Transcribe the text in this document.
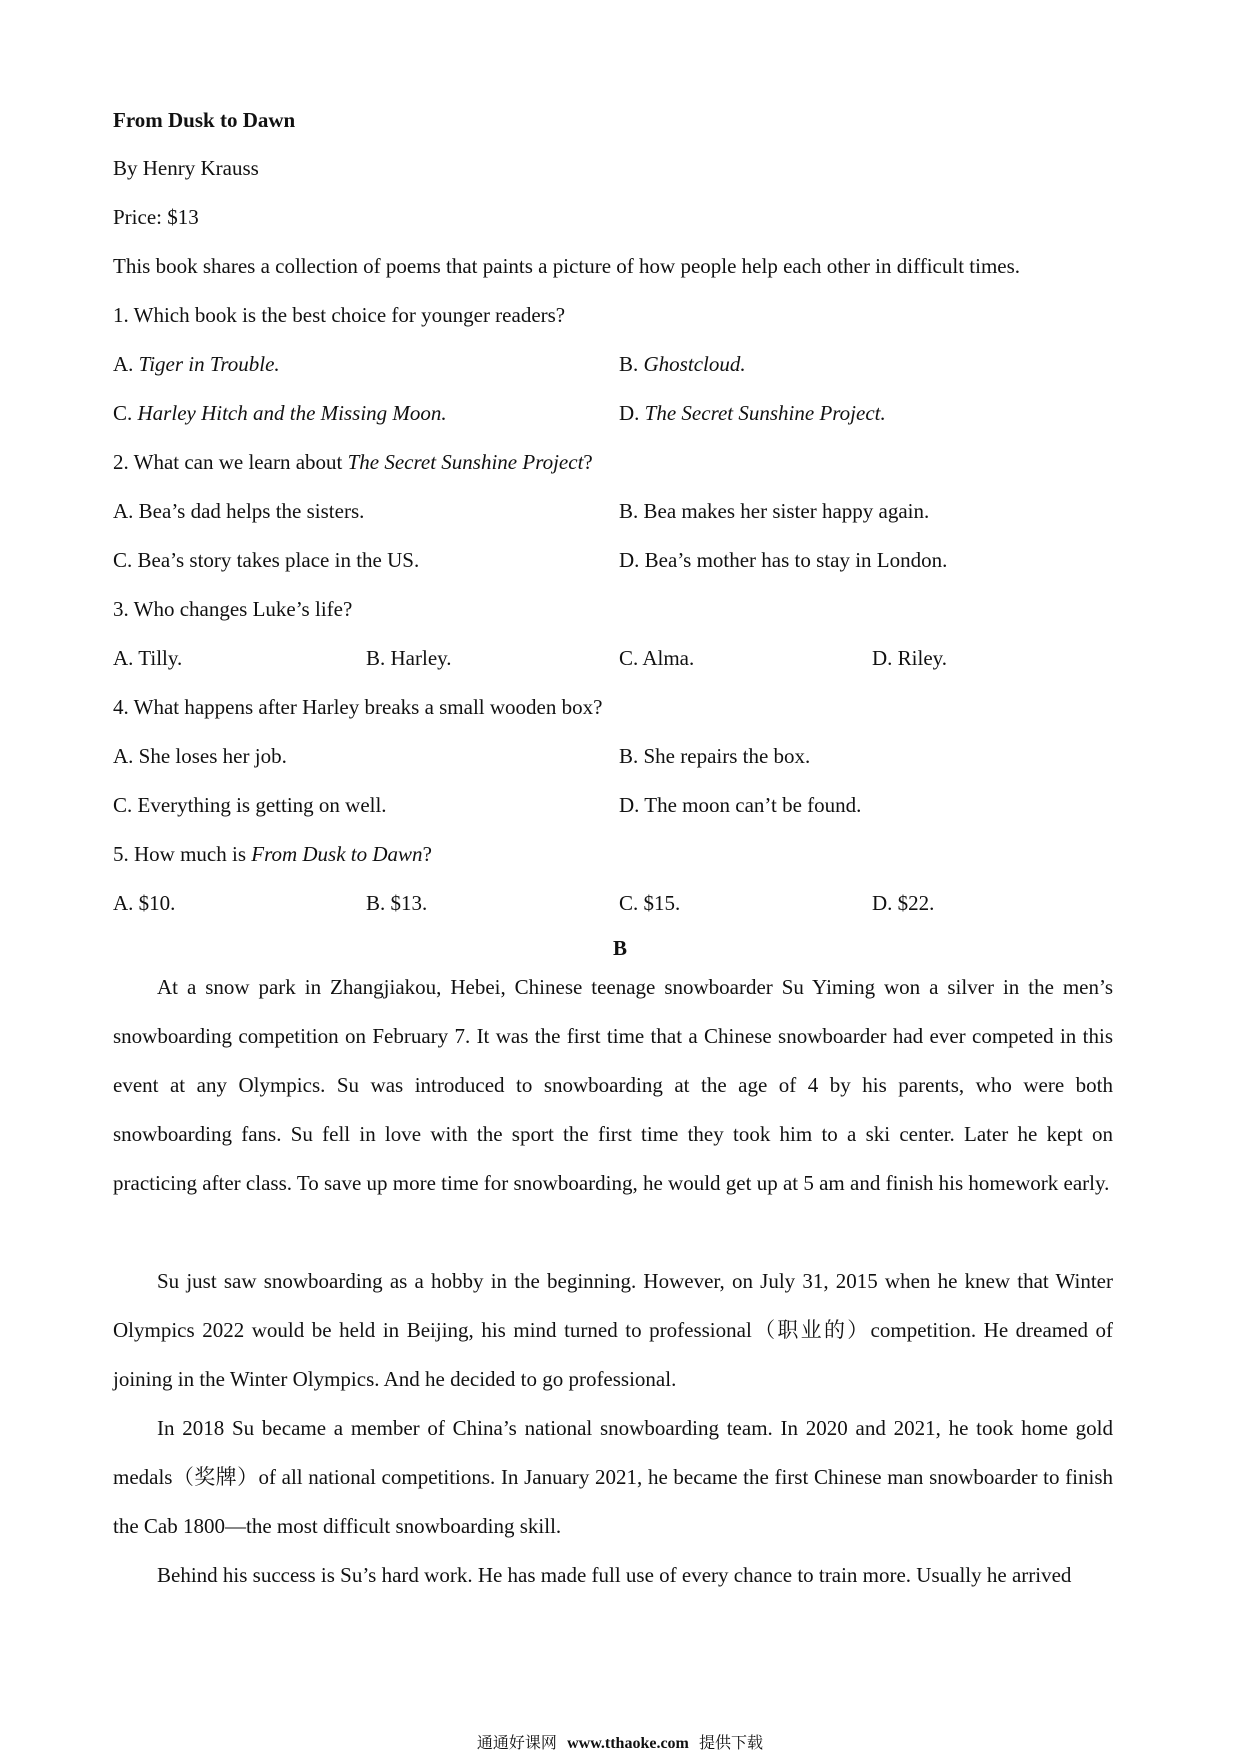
From Dusk to Dawn
By Henry Krauss
Price: $13
This book shares a collection of poems that paints a picture of how people help each other in difficult times.
1. Which book is the best choice for younger readers?
A. Tiger in Trouble.	B. Ghostcloud.
C. Harley Hitch and the Missing Moon.	D. The Secret Sunshine Project.
2. What can we learn about The Secret Sunshine Project?
A. Bea’s dad helps the sisters.	B. Bea makes her sister happy again.
C. Bea’s story takes place in the US.	D. Bea’s mother has to stay in London.
3. Who changes Luke’s life?
A. Tilly.	B. Harley.	C. Alma.	D. Riley.
4. What happens after Harley breaks a small wooden box?
A. She loses her job.	B. She repairs the box.
C. Everything is getting on well.	D. The moon can’t be found.
5. How much is From Dusk to Dawn?
A. $10.	B. $13.	C. $15.	D. $22.
B
At a snow park in Zhangjiakou, Hebei, Chinese teenage snowboarder Su Yiming won a silver in the men’s snowboarding competition on February 7. It was the first time that a Chinese snowboarder had ever competed in this event at any Olympics. Su was introduced to snowboarding at the age of 4 by his parents, who were both snowboarding fans. Su fell in love with the sport the first time they took him to a ski center. Later he kept on practicing after class. To save up more time for snowboarding, he would get up at 5 am and finish his homework early.
Su just saw snowboarding as a hobby in the beginning. However, on July 31, 2015 when he knew that Winter Olympics 2022 would be held in Beijing, his mind turned to professional（职业的）competition. He dreamed of joining in the Winter Olympics. And he decided to go professional.
In 2018 Su became a member of China’s national snowboarding team. In 2020 and 2021, he took home gold medals（奖牌）of all national competitions. In January 2021, he became the first Chinese man snowboarder to finish the Cab 1800—the most difficult snowboarding skill.
Behind his success is Su’s hard work. He has made full use of every chance to train more. Usually he arrived
通通好课网 www.tthaoke.com 提供下载
